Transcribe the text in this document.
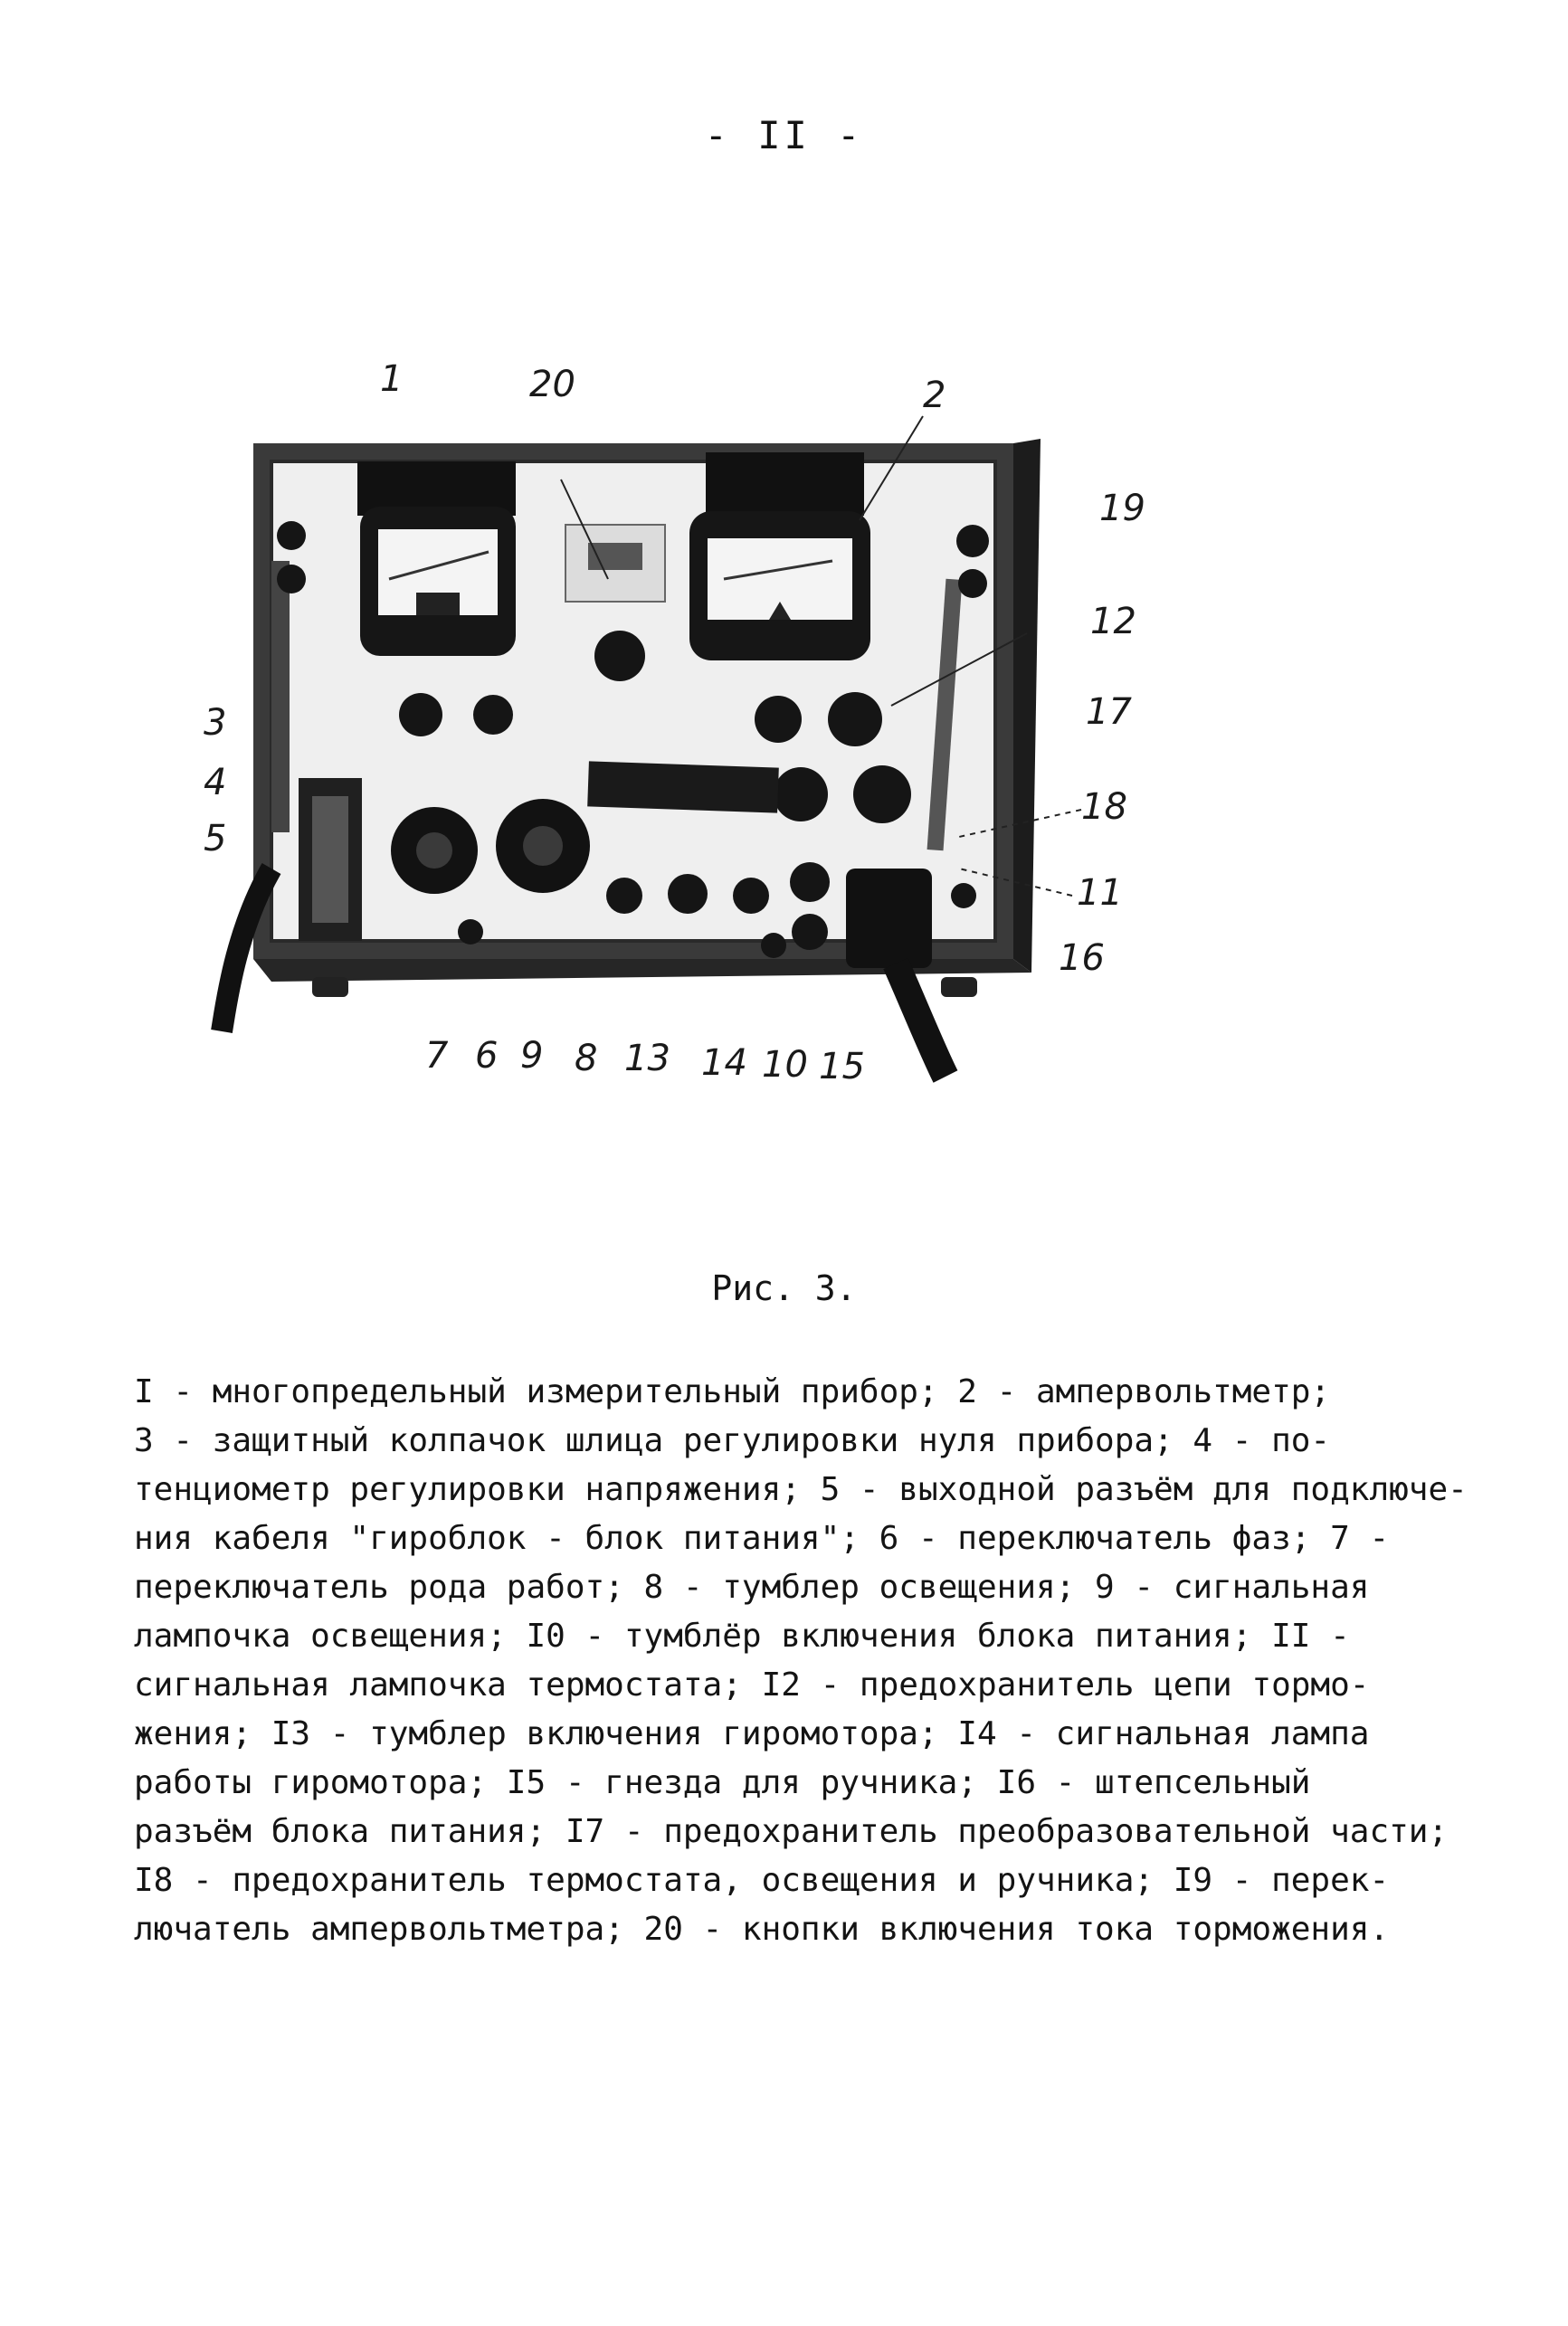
- II -
1	20	2
19
12
17
18
11
16
3
4
5
7 6 9 8 13 14 10 15
Рис. 3.
I - многопредельный измерительный прибор; 2 - ампервольтметр;
3 - защитный колпачок шлица регулировки нуля прибора; 4 - по-
тенциометр регулировки напряжения; 5 - выходной разъём для подключе-
ния кабеля "гироблок - блок питания"; 6 - переключатель фаз; 7 -
переключатель рода работ; 8 - тумблер освещения; 9 - сигнальная
лампочка освещения; I0 - тумблёр включения блока питания; II -
сигнальная лампочка термостата; I2 - предохранитель цепи тормо-
жения; I3 - тумблер включения гиромотора; I4 - сигнальная лампа
работы гиромотора; I5 - гнезда для ручника; I6 - штепсельный
разъём блока питания; I7 - предохранитель преобразовательной части;
I8 - предохранитель термостата, освещения и ручника; I9 - перек-
лючатель ампервольтметра; 20 - кнопки включения тока торможения.
